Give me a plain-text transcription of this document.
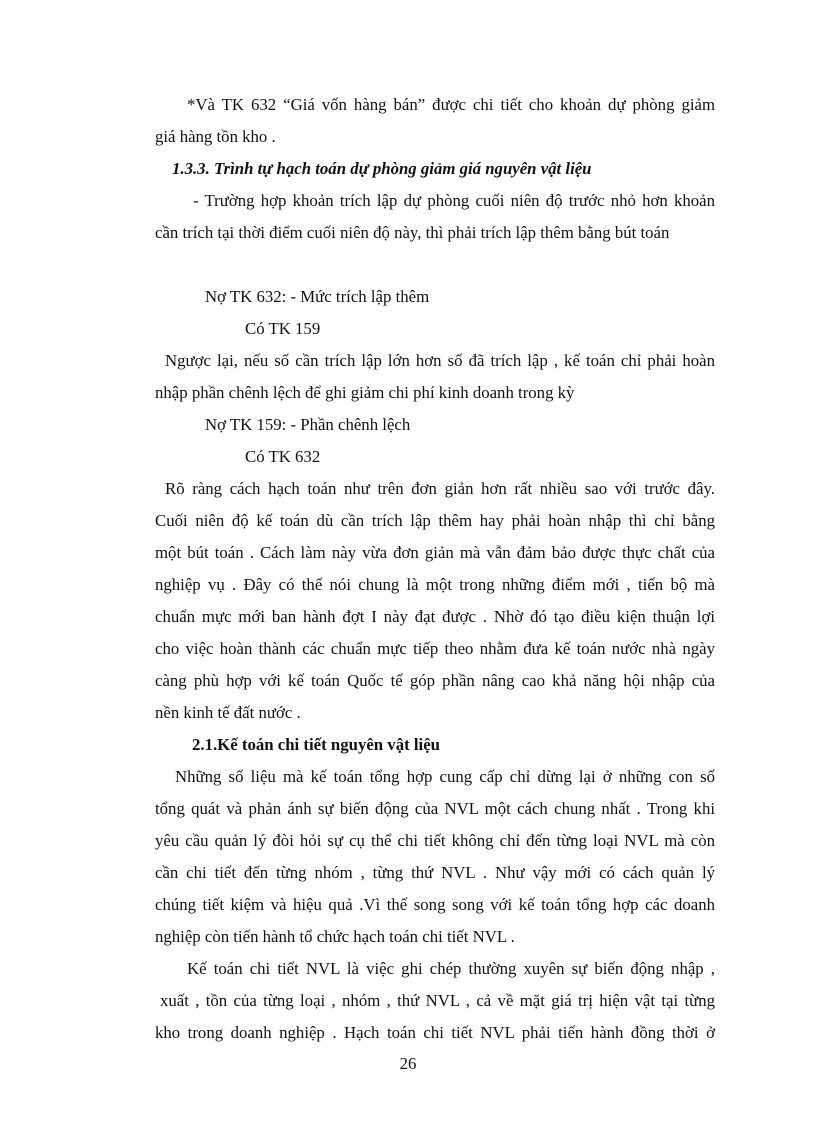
*Và TK 632 “Giá vốn hàng bán” được chi tiết cho khoản dự phòng giảm
giá hàng tồn kho .
1.3.3. Trình tự hạch toán dự phòng giảm giá nguyên vật liệu
- Trường hợp khoản trích lập dự phòng cuối niên độ trước nhỏ hơn khoản
cần trích tại thời điểm cuối niên độ này, thì phải trích lập thêm bằng bút toán
Nợ TK 632: - Mức trích lập thêm
Có TK 159
Ngược lại, nếu số cần trích lập lớn hơn số đã trích lập , kế toán chỉ phải hoàn
nhập phần chênh lệch để ghi giảm chi phí kinh doanh trong kỳ
Nợ TK 159: - Phần chênh lệch
Có TK 632
Rõ ràng cách hạch toán như trên đơn giản hơn rất nhiều sao với trước đây.
Cuối niên độ kế toán dù cần trích lập thêm hay phải hoàn nhập thì chỉ bằng
một bút toán . Cách làm này vừa đơn giản mà vẫn đảm bảo được thực chất của
nghiệp vụ . Đây có thể nói chung là một trong những điểm mới , tiến bộ mà
chuẩn mực mới ban hành đợt I này đạt được . Nhờ đó tạo điều kiện thuận lợi
cho việc hoàn thành các chuẩn mực tiếp theo nhằm đưa kế toán nước nhà ngày
càng phù hợp với kế toán Quốc tế góp phần nâng cao khả năng hội nhập của
nền kinh tế đất nước .
2.1.Kế toán chi tiết nguyên vật liệu
Những số liệu mà kế toán tổng hợp cung cấp chỉ dừng lại ở những con số
tổng quát và phản ánh sự biến động của NVL một cách chung nhất . Trong khi
yêu cầu quản lý đòi hỏi sự cụ thể chi tiết không chỉ đến từng loại NVL mà còn
cần chi tiết đến từng nhóm , từng thứ NVL . Như vậy mới có cách quản lý
chúng tiết kiệm và hiệu quả .Vì thế song song với kế toán tổng hợp các doanh
nghiệp còn tiến hành tổ chức hạch toán chi tiết NVL .
Kế toán chi tiết NVL là việc ghi chép thường xuyên sự biến động nhập ,
xuất , tồn của từng loại , nhóm , thứ NVL , cả về mặt giá trị hiện vật tại từng
kho trong doanh nghiệp . Hạch toán chi tiết NVL phải tiến hành đồng thời ở
26
